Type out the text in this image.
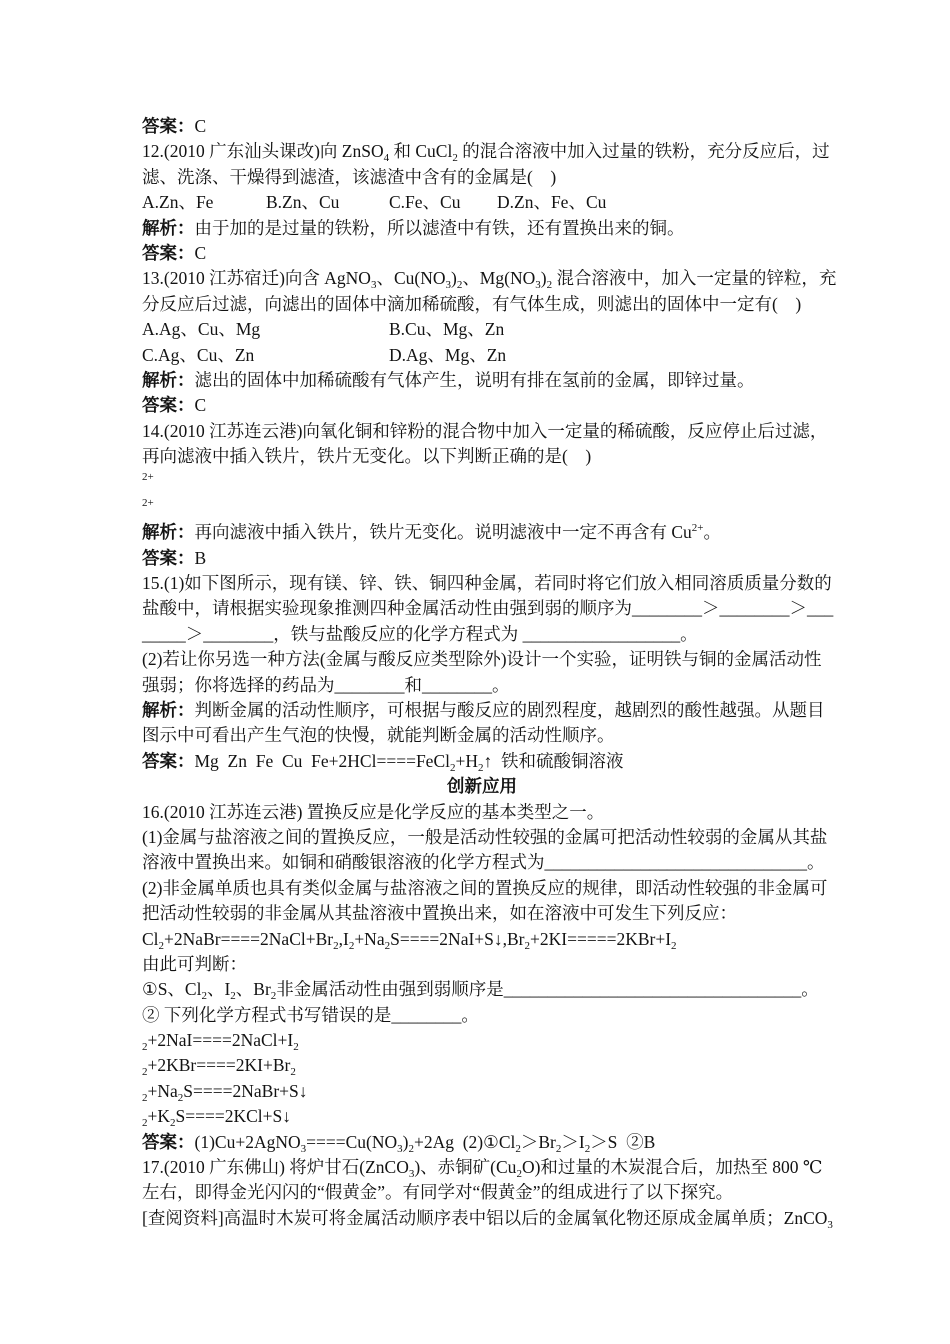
答案：C
12.(2010 广东汕头课改)向 ZnSO$_4$ 和 CuCl$_2$ 的混合溶液中加入过量的铁粉，充分反应后，过
滤、洗涤、干燥得到滤渣，该滤渣中含有的金属是(　)
A.Zn、Fe	B.Zn、Cu	C.Fe、Cu D.Zn、Fe、Cu
解析：由于加的是过量的铁粉，所以滤渣中有铁，还有置换出来的铜。
答案：C
13.(2010 江苏宿迁)向含 AgNO$_3$、$Cu(NO_3)_2$、$Mg(NO_3)_2$ 混合溶液中，加入一定量的锌粒，充
分反应后过滤，向滤出的固体中滴加稀硫酸，有气体生成，则滤出的固体中一定有(　)
A.Ag、Cu、Mg	B.Cu、Mg、Zn
C.Ag、Cu、Zn	D.Ag、Mg、Zn
解析：滤出的固体中加稀硫酸有气体产生，说明有排在氢前的金属，即锌过量。
答案：C
14.(2010 江苏连云港)向氧化铜和锌粉的混合物中加入一定量的稀硫酸，反应停止后过滤，
再向滤液中插入铁片，铁片无变化。以下判断正确的是(　)
$^{2+}$
$^{2+}$
解析：再向滤液中插入铁片，铁片无变化。说明滤液中一定不再含有 $Cu^{2+}$。
答案：B
15.(1)如下图所示，现有镁、锌、铁、铜四种金属，若同时将它们放入相同溶质质量分数的
盐酸中，请根据实验现象推测四种金属活动性由强到弱的顺序为________＞________＞___
_____＞________，铁与盐酸反应的化学方程式为 __________________。
(2)若让你另选一种方法(金属与酸反应类型除外)设计一个实验，证明铁与铜的金属活动性
强弱；你将选择的药品为________和________。
解析：判断金属的活动性顺序，可根据与酸反应的剧烈程度，越剧烈的酸性越强。从题目
图示中可看出产生气泡的快慢，就能判断金属的活动性顺序。
答案：Mg  Zn  Fe  Cu  $Fe+2HCl====FeCl_2+H_2↑$  铁和硫酸铜溶液
创新应用
16.(2010 江苏连云港) 置换反应是化学反应的基本类型之一。
(1)金属与盐溶液之间的置换反应，一般是活动性较强的金属可把活动性较弱的金属从其盐
溶液中置换出来。如铜和硝酸银溶液的化学方程式为______________________________。
(2)非金属单质也具有类似金属与盐溶液之间的置换反应的规律，即活动性较强的非金属可
把活动性较弱的非金属从其盐溶液中置换出来，如在溶液中可发生下列反应：
$Cl_2+2NaBr====2NaCl+Br_2,I_2+Na_2S====2NaI+S↓,Br_2+2KI=====2KBr+I_2$
由此可判断：
①S、$Cl_2$、$I_2$、$Br_2$非金属活动性由强到弱顺序是__________________________________。
② 下列化学方程式书写错误的是________。
$_2+2NaI====2NaCl+I_2$
$_2+2KBr====2KI+Br_2$
$_2+Na_2S====2NaBr+S↓$
$_2+K_2S====2KCl+S↓$
答案：$(1)Cu+2AgNO_3====Cu(NO_3)_2+2Ag$  $(2)①Cl_2>Br_2>I_2>S$  ②B
17.(2010 广东佛山) 将炉甘石(ZnCO$_3$)、赤铜矿$(Cu_2O)$和过量的木炭混合后，加热至 800 ℃
左右，即得金光闪闪的“假黄金”。有同学对“假黄金”的组成进行了以下探究。
[查阅资料]高温时木炭可将金属活动顺序表中铝以后的金属氧化物还原成金属单质；ZnCO$_3$
